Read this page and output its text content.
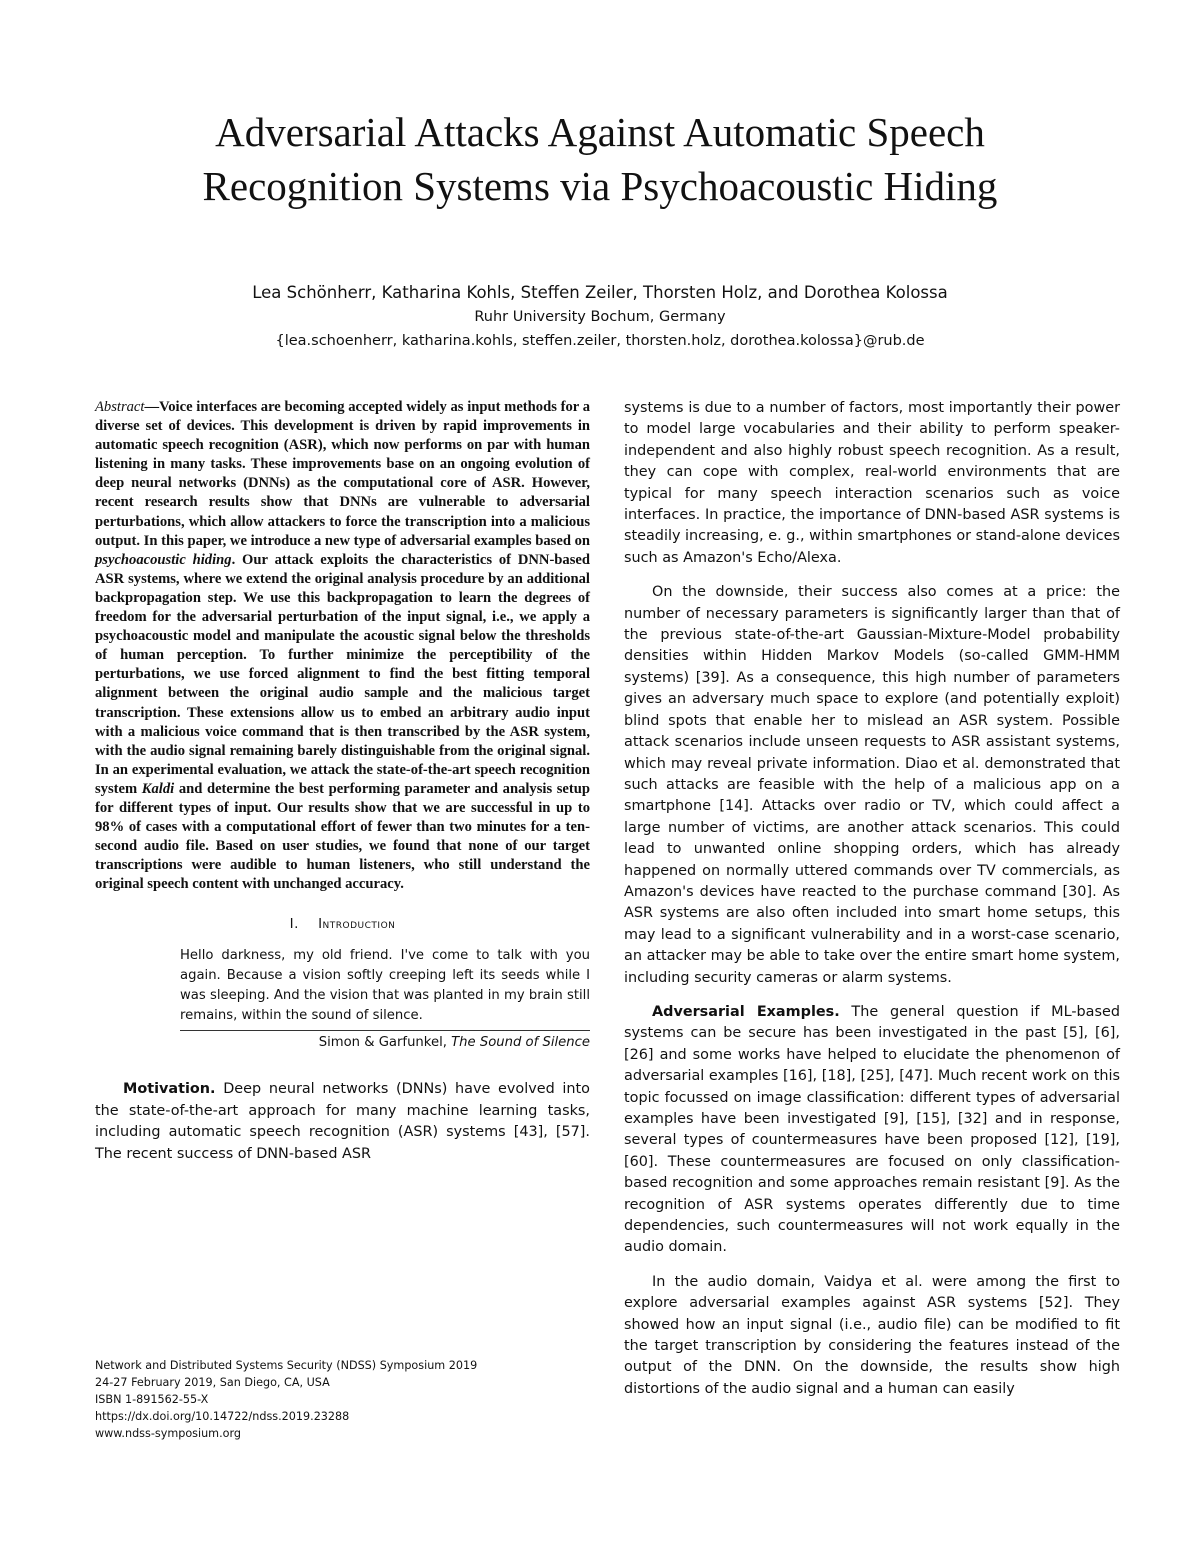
Adversarial Attacks Against Automatic Speech
Recognition Systems via Psychoacoustic Hiding
Lea Schönherr, Katharina Kohls, Steffen Zeiler, Thorsten Holz, and Dorothea Kolossa
Ruhr University Bochum, Germany
{lea.schoenherr, katharina.kohls, steffen.zeiler, thorsten.holz, dorothea.kolossa}@rub.de

Abstract—Voice interfaces are becoming accepted widely as input methods for a diverse set of devices. This development is driven by rapid improvements in automatic speech recognition (ASR), which now performs on par with human listening in many tasks. These improvements base on an ongoing evolution of deep neural networks (DNNs) as the computational core of ASR. However, recent research results show that DNNs are vulnerable to adversarial perturbations, which allow attackers to force the transcription into a malicious output. In this paper, we introduce a new type of adversarial examples based on psychoacoustic hiding. Our attack exploits the characteristics of DNN-based ASR systems, where we extend the original analysis procedure by an additional backpropagation step. We use this backpropagation to learn the degrees of freedom for the adversarial perturbation of the input signal, i.e., we apply a psychoacoustic model and manipulate the acoustic signal below the thresholds of human perception. To further minimize the perceptibility of the perturbations, we use forced alignment to find the best fitting temporal alignment between the original audio sample and the malicious target transcription. These extensions allow us to embed an arbitrary audio input with a malicious voice command that is then transcribed by the ASR system, with the audio signal remaining barely distinguishable from the original signal. In an experimental evaluation, we attack the state-of-the-art speech recognition system Kaldi and determine the best performing parameter and analysis setup for different types of input. Our results show that we are successful in up to 98% of cases with a computational effort of fewer than two minutes for a ten-second audio file. Based on user studies, we found that none of our target transcriptions were audible to human listeners, who still understand the original speech content with unchanged accuracy.

I. Introduction
Hello darkness, my old friend. I've come to talk with you again. Because a vision softly creeping left its seeds while I was sleeping. And the vision that was planted in my brain still remains, within the sound of silence.
Simon & Garfunkel, The Sound of Silence

Motivation. Deep neural networks (DNNs) have evolved into the state-of-the-art approach for many machine learning tasks, including automatic speech recognition (ASR) systems [43], [57]. The recent success of DNN-based ASR

Network and Distributed Systems Security (NDSS) Symposium 2019
24-27 February 2019, San Diego, CA, USA
ISBN 1-891562-55-X
https://dx.doi.org/10.14722/ndss.2019.23288
www.ndss-symposium.org

systems is due to a number of factors, most importantly their power to model large vocabularies and their ability to perform speaker-independent and also highly robust speech recognition. As a result, they can cope with complex, real-world environments that are typical for many speech interaction scenarios such as voice interfaces. In practice, the importance of DNN-based ASR systems is steadily increasing, e. g., within smartphones or stand-alone devices such as Amazon's Echo/Alexa.

On the downside, their success also comes at a price: the number of necessary parameters is significantly larger than that of the previous state-of-the-art Gaussian-Mixture-Model probability densities within Hidden Markov Models (so-called GMM-HMM systems) [39]. As a consequence, this high number of parameters gives an adversary much space to explore (and potentially exploit) blind spots that enable her to mislead an ASR system. Possible attack scenarios include unseen requests to ASR assistant systems, which may reveal private information. Diao et al. demonstrated that such attacks are feasible with the help of a malicious app on a smartphone [14]. Attacks over radio or TV, which could affect a large number of victims, are another attack scenarios. This could lead to unwanted online shopping orders, which has already happened on normally uttered commands over TV commercials, as Amazon's devices have reacted to the purchase command [30]. As ASR systems are also often included into smart home setups, this may lead to a significant vulnerability and in a worst-case scenario, an attacker may be able to take over the entire smart home system, including security cameras or alarm systems.

Adversarial Examples. The general question if ML-based systems can be secure has been investigated in the past [5], [6], [26] and some works have helped to elucidate the phenomenon of adversarial examples [16], [18], [25], [47]. Much recent work on this topic focussed on image classification: different types of adversarial examples have been investigated [9], [15], [32] and in response, several types of countermeasures have been proposed [12], [19], [60]. These countermeasures are focused on only classification-based recognition and some approaches remain resistant [9]. As the recognition of ASR systems operates differently due to time dependencies, such countermeasures will not work equally in the audio domain.

In the audio domain, Vaidya et al. were among the first to explore adversarial examples against ASR systems [52]. They showed how an input signal (i.e., audio file) can be modified to fit the target transcription by considering the features instead of the output of the DNN. On the downside, the results show high distortions of the audio signal and a human can easily
